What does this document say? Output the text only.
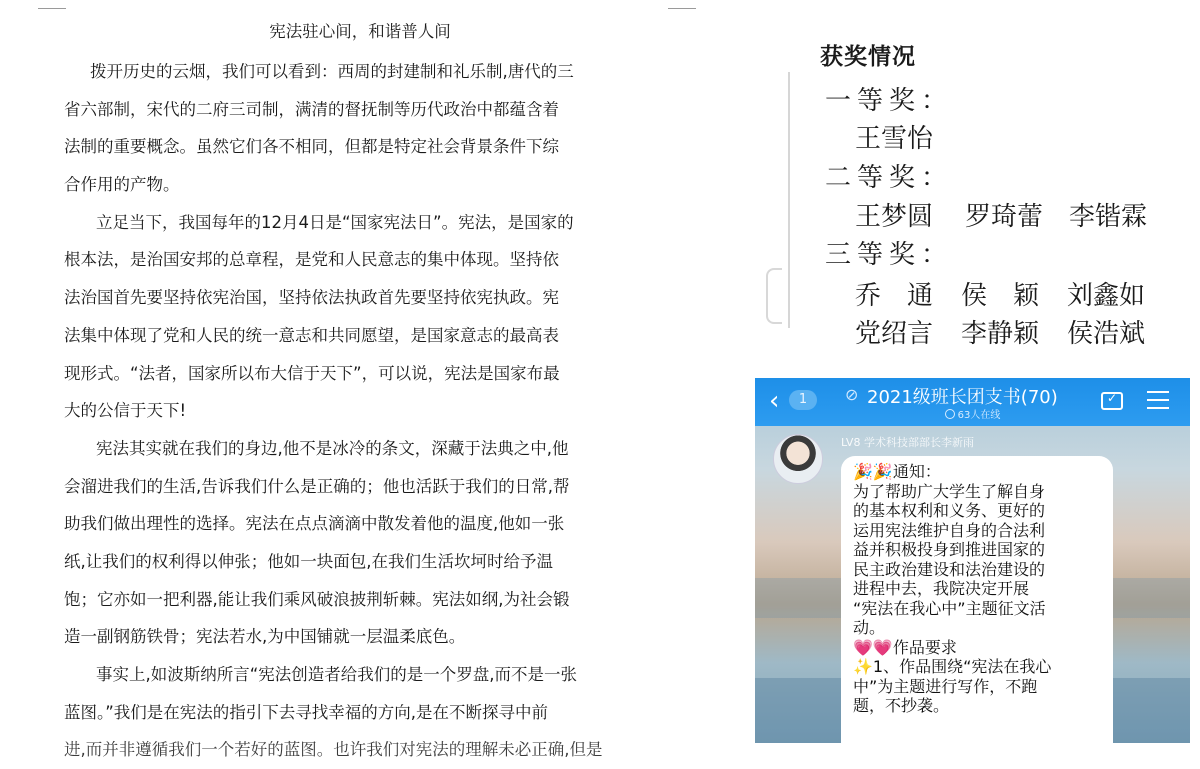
宪法驻心间，和谐普人间
拨开历史的云烟，我们可以看到：西周的封建制和礼乐制,唐代的三
省六部制，宋代的二府三司制，满清的督抚制等历代政治中都蕴含着
法制的重要概念。虽然它们各不相同，但都是特定社会背景条件下综
合作用的产物。
立足当下，我国每年的12月4日是“国家宪法日”。宪法，是国家的
根本法，是治国安邦的总章程，是党和人民意志的集中体现。坚持依
法治国首先要坚持依宪治国，坚持依法执政首先要坚持依宪执政。宪
法集中体现了党和人民的统一意志和共同愿望，是国家意志的最高表
现形式。“法者，国家所以布大信于天下”，可以说，宪法是国家布最
大的公信于天下!
宪法其实就在我们的身边,他不是冰冷的条文，深藏于法典之中,他
会溜进我们的生活,告诉我们什么是正确的；他也活跃于我们的日常,帮
助我们做出理性的选择。宪法在点点滴滴中散发着他的温度,他如一张
纸,让我们的权利得以伸张；他如一块面包,在我们生活坎坷时给予温
饱；它亦如一把利器,能让我们乘风破浪披荆斩棘。宪法如纲,为社会锻
造一副钢筋铁骨；宪法若水,为中国铺就一层温柔底色。
事实上,如波斯纳所言“宪法创造者给我们的是一个罗盘,而不是一张
蓝图。”我们是在宪法的指引下去寻找幸福的方向,是在不断探寻中前
进,而并非遵循我们一个若好的蓝图。也许我们对宪法的理解未必正确,但是
获奖情况
一等奖：
王雪怡
二等奖：
王梦圆 罗琦蕾 李锴霖
三等奖：
乔　通 侯　颖 刘鑫如
党绍言 李静颖 侯浩斌
‹	1	⊘ 2021级班长团支书(70)
63人在线
✓
LV8 学术科技部部长李新雨
🎉🎉通知：
为了帮助广大学生了解自身
的基本权利和义务、更好的
运用宪法维护自身的合法利
益并积极投身到推进国家的
民主政治建设和法治建设的
进程中去，我院决定开展
“宪法在我心中”主题征文活
动。
💗💗作品要求
✨1、作品围绕“宪法在我心
中”为主题进行写作，不跑
题，不抄袭。
